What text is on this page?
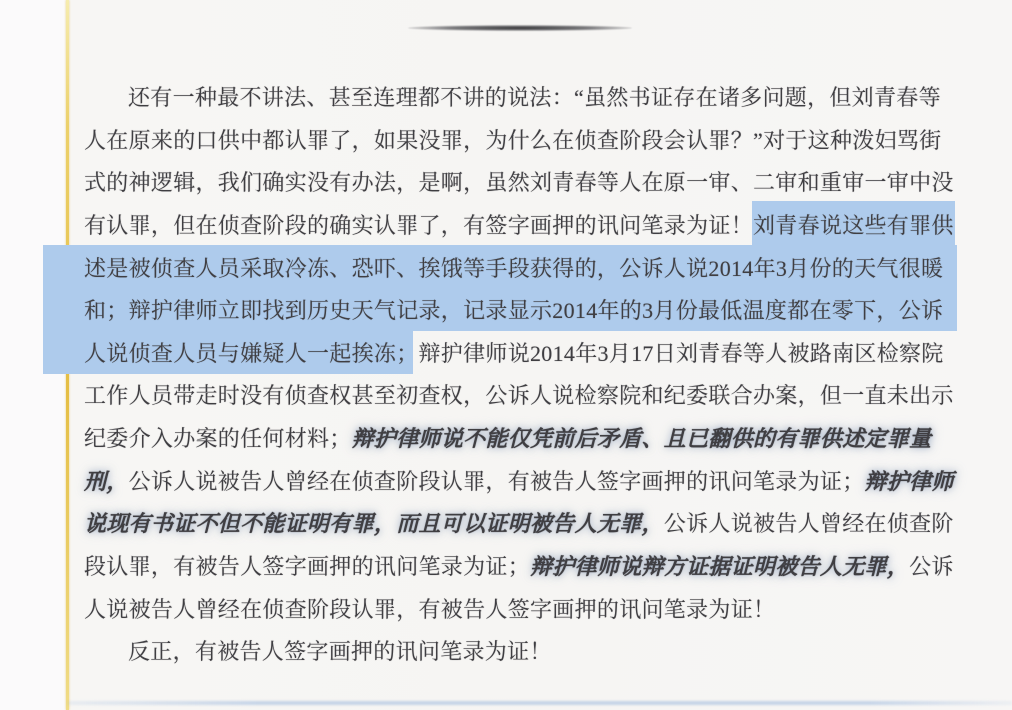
还有一种最不讲法、甚至连理都不讲的说法：“虽然书证存在诸多问题，但刘青春等
人在原来的口供中都认罪了，如果没罪，为什么在侦查阶段会认罪？”对于这种泼妇骂街
式的神逻辑，我们确实没有办法，是啊，虽然刘青春等人在原一审、二审和重审一审中没
有认罪，但在侦查阶段的确实认罪了，有签字画押的讯问笔录为证！刘青春说这些有罪供
述是被侦查人员采取冷冻、恐吓、挨饿等手段获得的，公诉人说2014年3月份的天气很暖
和；辩护律师立即找到历史天气记录，记录显示2014年的3月份最低温度都在零下，公诉
人说侦查人员与嫌疑人一起挨冻；辩护律师说2014年3月17日刘青春等人被路南区检察院
工作人员带走时没有侦查权甚至初查权，公诉人说检察院和纪委联合办案，但一直未出示
纪委介入办案的任何材料；辩护律师说不能仅凭前后矛盾、且已翻供的有罪供述定罪量
刑，公诉人说被告人曾经在侦查阶段认罪，有被告人签字画押的讯问笔录为证；辩护律师
说现有书证不但不能证明有罪，而且可以证明被告人无罪，公诉人说被告人曾经在侦查阶
段认罪，有被告人签字画押的讯问笔录为证；辩护律师说辩方证据证明被告人无罪，公诉
人说被告人曾经在侦查阶段认罪，有被告人签字画押的讯问笔录为证！
反正，有被告人签字画押的讯问笔录为证！
